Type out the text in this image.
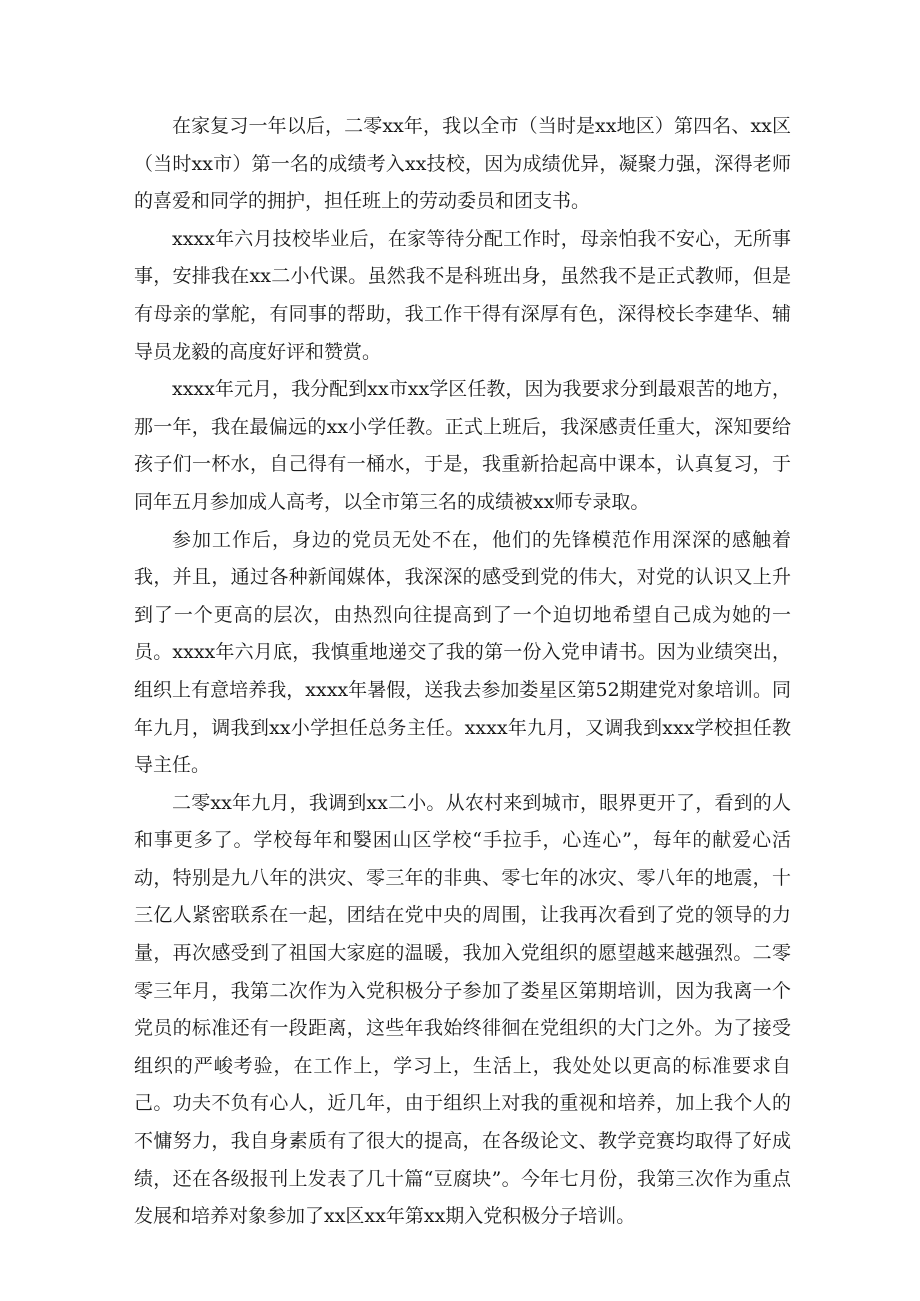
在家复习一年以后，二零xx年，我以全市（当时是xx地区）第四名、xx区（当时xx市）第一名的成绩考入xx技校，因为成绩优异，凝聚力强，深得老师的喜爱和同学的拥护，担任班上的劳动委员和团支书。

xxxx年六月技校毕业后，在家等待分配工作时，母亲怕我不安心，无所事事，安排我在xx二小代课。虽然我不是科班出身，虽然我不是正式教师，但是有母亲的掌舵，有同事的帮助，我工作干得有深厚有色，深得校长李建华、辅导员龙毅的高度好评和赞赏。

xxxx年元月，我分配到xx市xx学区任教，因为我要求分到最艰苦的地方，那一年，我在最偏远的xx小学任教。正式上班后，我深感责任重大，深知要给孩子们一杯水，自己得有一桶水，于是，我重新拾起高中课本，认真复习，于同年五月参加成人高考，以全市第三名的成绩被xx师专录取。

参加工作后，身边的党员无处不在，他们的先锋模范作用深深的感触着我，并且，通过各种新闻媒体，我深深的感受到党的伟大，对党的认识又上升到了一个更高的层次，由热烈向往提高到了一个迫切地希望自己成为她的一员。xxxx年六月底，我慎重地递交了我的第一份入党申请书。因为业绩突出，组织上有意培养我，xxxx年暑假，送我去参加娄星区第52期建党对象培训。同年九月，调我到xx小学担任总务主任。xxxx年九月，又调我到xxx学校担任教导主任。

二零xx年九月，我调到xx二小。从农村来到城市，眼界更开了，看到的人和事更多了。学校每年和嫛困山区学校“手拉手，心连心”，每年的献爱心活动，特别是九八年的洪灾、零三年的非典、零七年的冰灾、零八年的地震，十三亿人紧密联系在一起，团结在党中央的周围，让我再次看到了党的领导的力量，再次感受到了祖国大家庭的温暖，我加入党组织的愿望越来越强烈。二零零三年月，我第二次作为入党积极分子参加了娄星区第期培训，因为我离一个党员的标准还有一段距离，这些年我始终徘徊在党组织的大门之外。为了接受组织的严峻考验，在工作上，学习上，生活上，我处处以更高的标准要求自己。功夫不负有心人，近几年，由于组织上对我的重视和培养，加上我个人的不慵努力，我自身素质有了很大的提高，在各级论文、教学竞赛均取得了好成绩，还在各级报刊上发表了几十篇“豆腐块”。今年七月份，我第三次作为重点发展和培养对象参加了xx区xx年第xx期入党积极分子培训。
